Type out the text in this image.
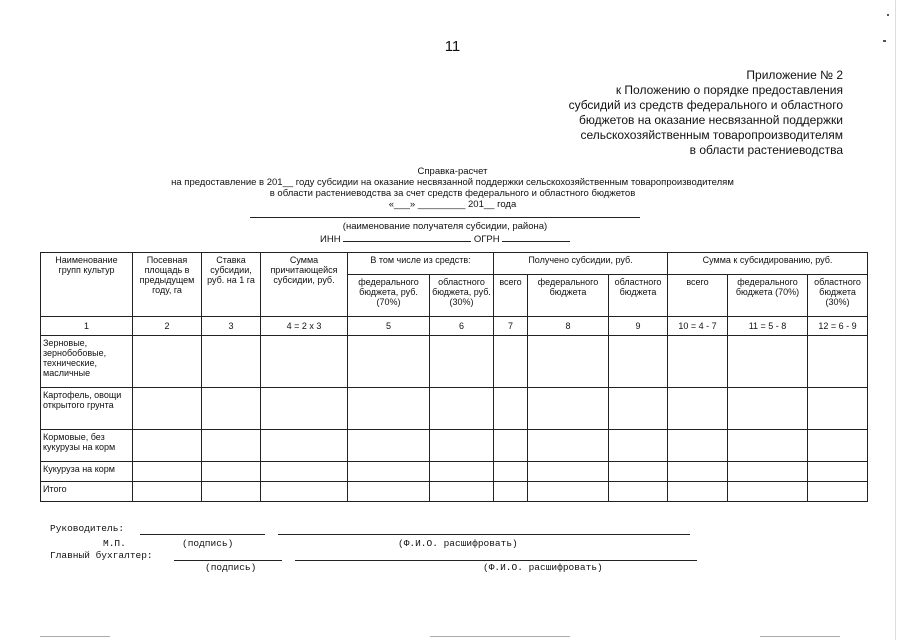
11
Приложение № 2
к Положению о порядке предоставления
субсидий из средств федерального и областного
бюджетов на оказание несвязанной поддержки
сельскохозяйственным товаропроизводителям
в области растениеводства
Справка-расчет
на предоставление в 201__ году субсидии на оказание несвязанной поддержки сельскохозяйственным товаропроизводителям
в области растениеводства за счет средств федерального и областного бюджетов
«___» _________ 201__ года
(наименование получателя субсидии, района)
ИНН	ОГРН
Наименование групп культур	Посевная площадь в предыдущем году, га	Ставка субсидии, руб. на 1 га	Сумма причитающейся субсидии, руб.	В том числе из средств:		Получено субсидии, руб.			Сумма к субсидированию, руб.		
				федерального бюджета, руб. (70%)	областного бюджета, руб. (30%)	всего	федерального бюджета	областного бюджета	всего	федерального бюджета (70%)	областного бюджета (30%)
1	2	3	4 = 2 х 3	5	6	7	8	9	10 = 4 - 7	11 = 5 - 8	12 = 6 - 9
Зерновые, зернобобовые, технические, масличные											
Картофель, овощи открытого грунта											
Кормовые, без кукурузы на корм											
Кукуруза на корм											
Итого											
Руководитель:
М.П.	(подпись)	(Ф.И.О. расшифровать)
Главный бухгалтер:
(подпись)	(Ф.И.О. расшифровать)
